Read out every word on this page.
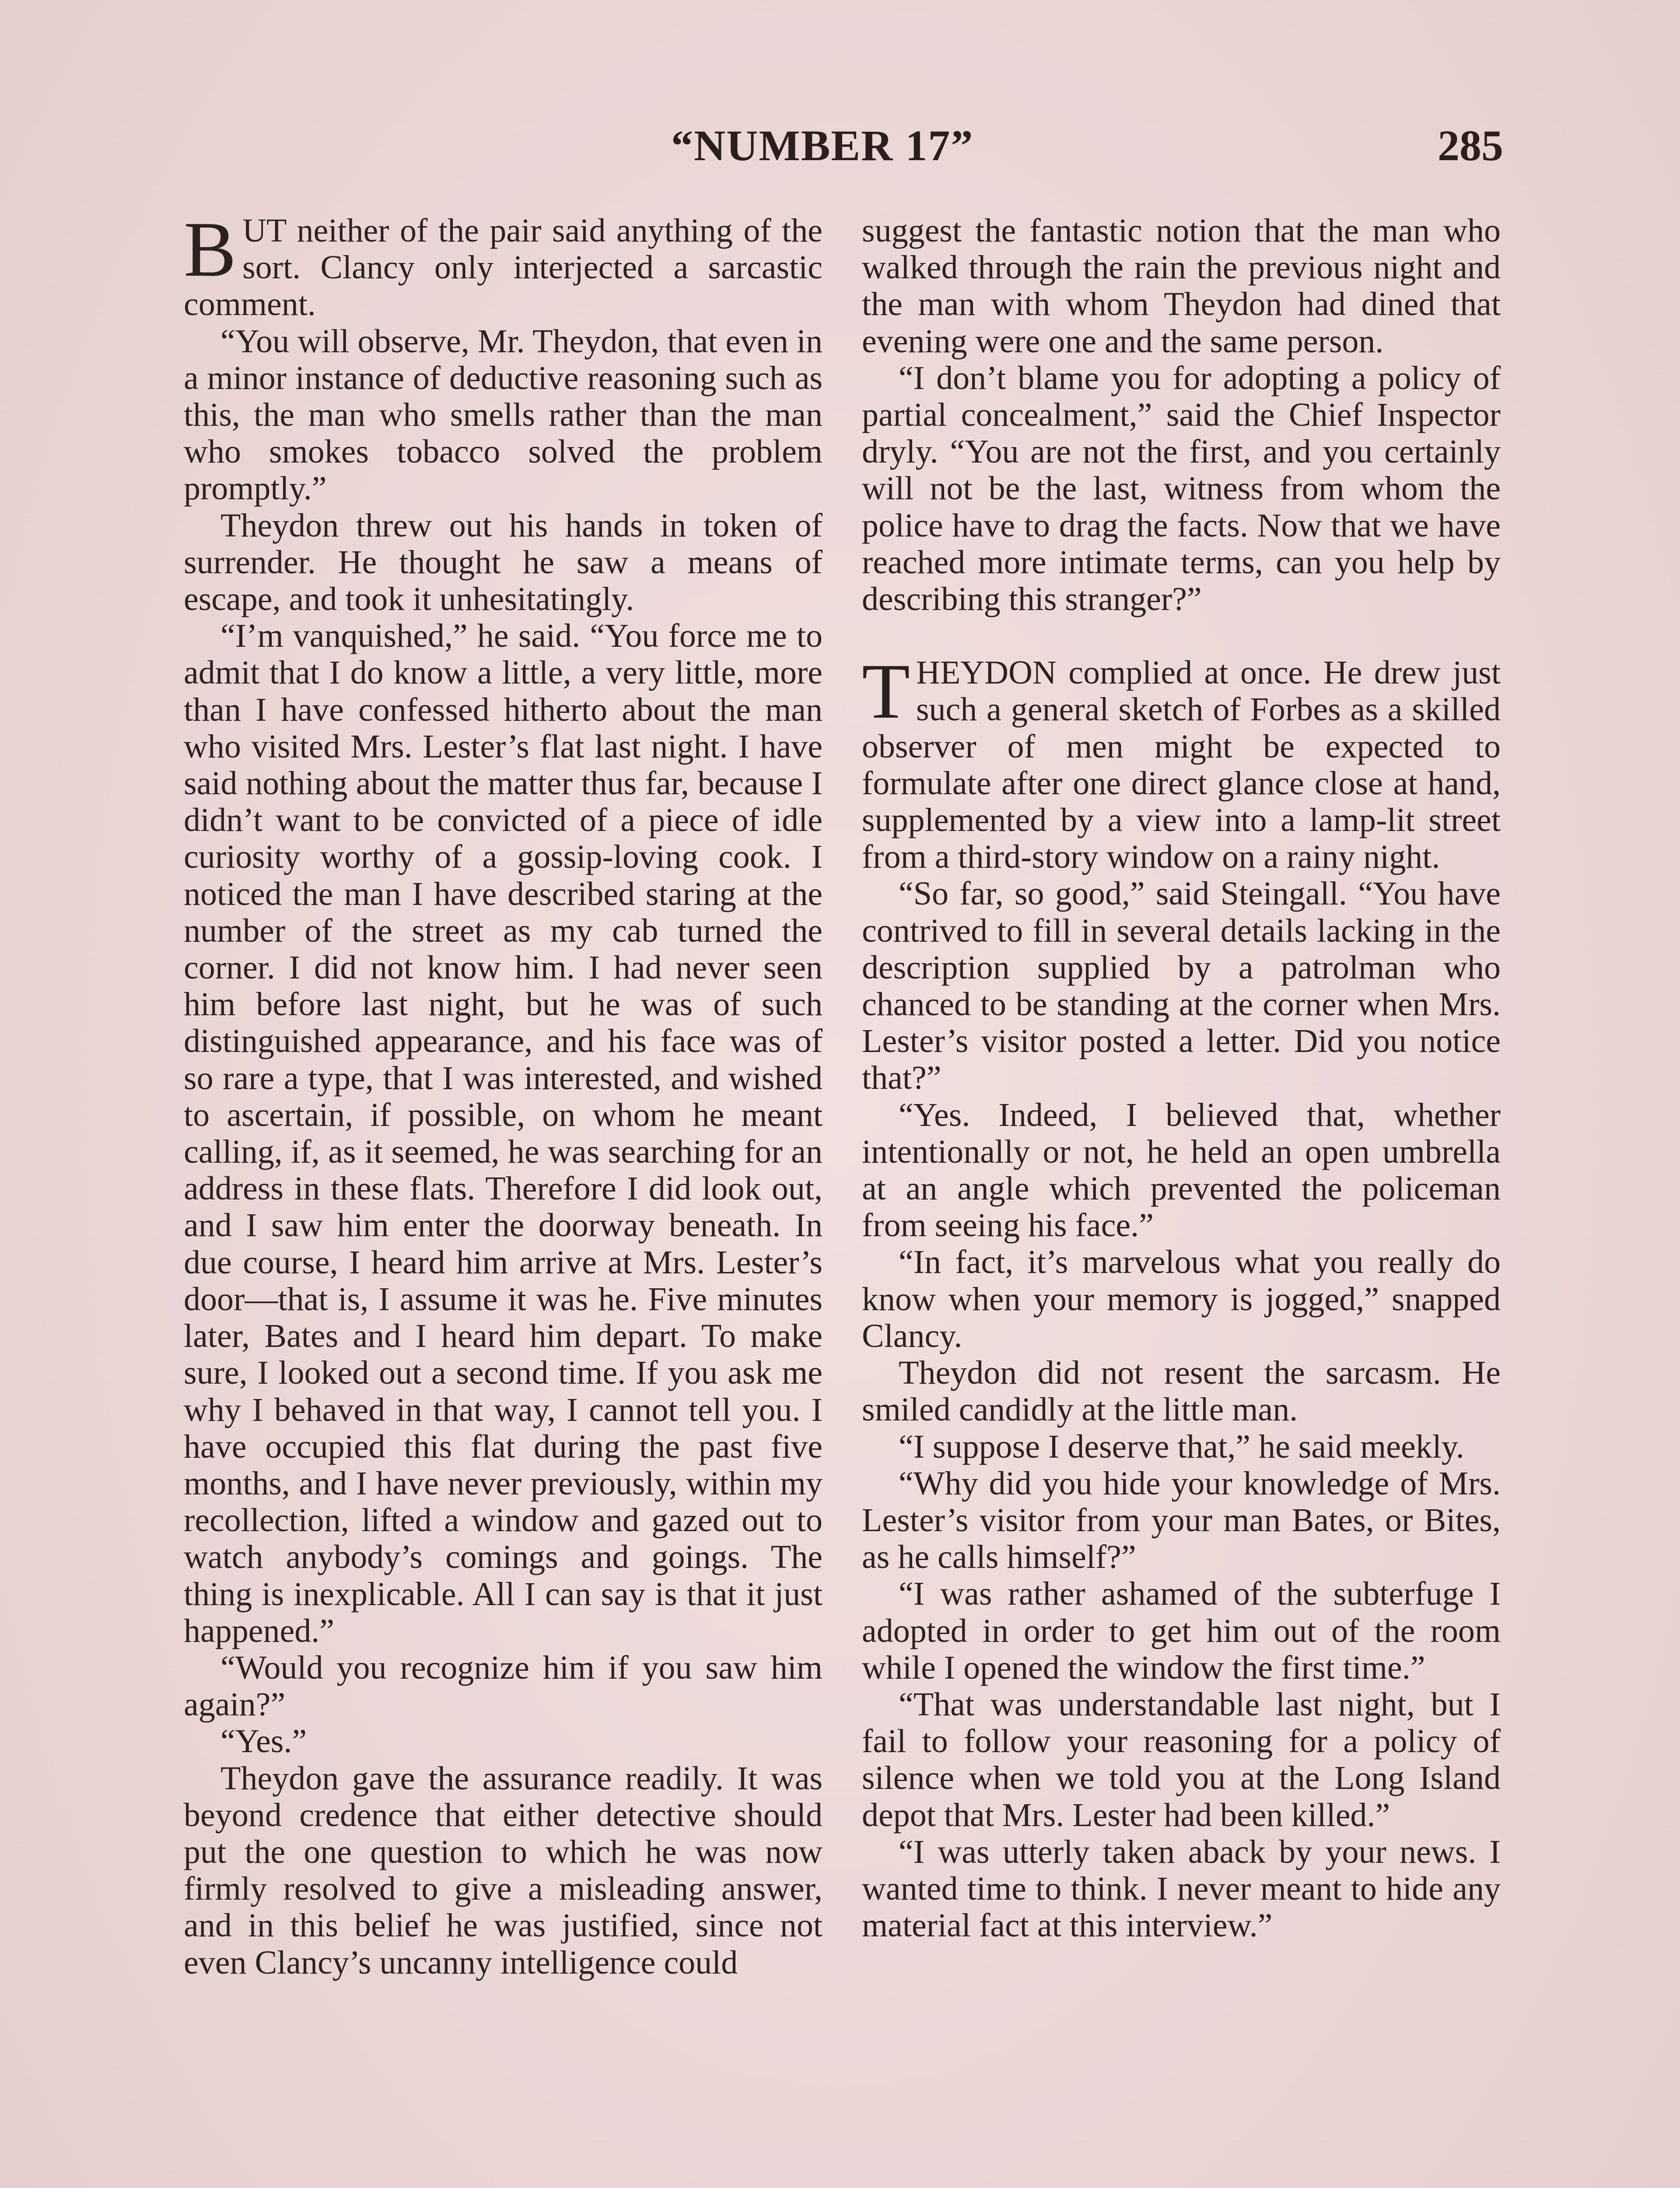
“NUMBER 17”	285

BUT neither of the pair said anything of the sort. Clancy only interjected a sarcastic comment.

“You will observe, Mr. Theydon, that even in a minor instance of deductive reasoning such as this, the man who smells rather than the man who smokes tobacco solved the problem promptly.”

Theydon threw out his hands in token of surrender. He thought he saw a means of escape, and took it unhesitatingly.

“I’m vanquished,” he said. “You force me to admit that I do know a little, a very little, more than I have confessed hitherto about the man who visited Mrs. Lester’s flat last night. I have said nothing about the matter thus far, because I didn’t want to be convicted of a piece of idle curiosity worthy of a gossip-loving cook. I noticed the man I have described staring at the number of the street as my cab turned the corner. I did not know him. I had never seen him before last night, but he was of such distinguished appearance, and his face was of so rare a type, that I was interested, and wished to ascertain, if possible, on whom he meant calling, if, as it seemed, he was searching for an address in these flats. Therefore I did look out, and I saw him enter the doorway beneath. In due course, I heard him arrive at Mrs. Lester’s door—that is, I assume it was he. Five minutes later, Bates and I heard him depart. To make sure, I looked out a second time. If you ask me why I behaved in that way, I cannot tell you. I have occupied this flat during the past five months, and I have never previously, within my recollection, lifted a window and gazed out to watch anybody’s comings and goings. The thing is inexplicable. All I can say is that it just happened.”

“Would you recognize him if you saw him again?”

“Yes.”

Theydon gave the assurance readily. It was beyond credence that either detective should put the one question to which he was now firmly resolved to give a misleading answer, and in this belief he was justified, since not even Clancy’s uncanny intelligence could

suggest the fantastic notion that the man who walked through the rain the previous night and the man with whom Theydon had dined that evening were one and the same person.

“I don’t blame you for adopting a policy of partial concealment,” said the Chief Inspector dryly. “You are not the first, and you certainly will not be the last, witness from whom the police have to drag the facts. Now that we have reached more intimate terms, can you help by describing this stranger?”

THEYDON complied at once. He drew just such a general sketch of Forbes as a skilled observer of men might be expected to formulate after one direct glance close at hand, supplemented by a view into a lamp-lit street from a third-story window on a rainy night.

“So far, so good,” said Steingall. “You have contrived to fill in several details lacking in the description supplied by a patrolman who chanced to be standing at the corner when Mrs. Lester’s visitor posted a letter. Did you notice that?”

“Yes. Indeed, I believed that, whether intentionally or not, he held an open umbrella at an angle which prevented the policeman from seeing his face.”

“In fact, it’s marvelous what you really do know when your memory is jogged,” snapped Clancy.

Theydon did not resent the sarcasm. He smiled candidly at the little man.

“I suppose I deserve that,” he said meekly.

“Why did you hide your knowledge of Mrs. Lester’s visitor from your man Bates, or Bites, as he calls himself?”

“I was rather ashamed of the subterfuge I adopted in order to get him out of the room while I opened the window the first time.”

“That was understandable last night, but I fail to follow your reasoning for a policy of silence when we told you at the Long Island depot that Mrs. Lester had been killed.”

“I was utterly taken aback by your news. I wanted time to think. I never meant to hide any material fact at this interview.”
